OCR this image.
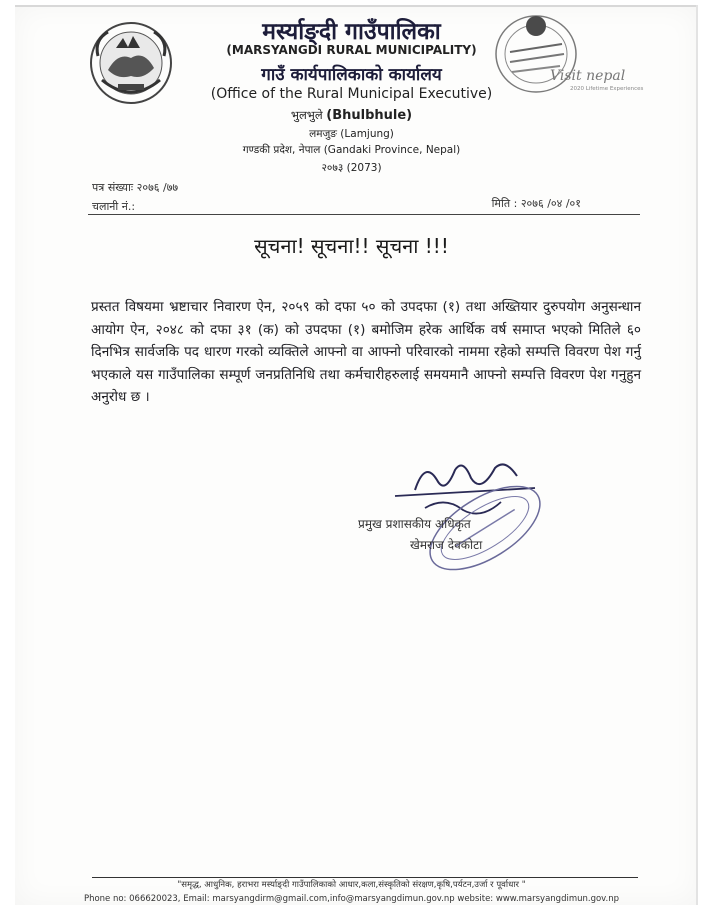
Visit nepal
2020 Lifetime Experiences
मर्स्याङ्दी गाउँपालिका
(MARSYANGDI RURAL MUNICIPALITY)
गाउँ कार्यपालिकाको कार्यालय
(Office of the Rural Municipal Executive)
भुलभुले (Bhulbhule)
लमजुङ (Lamjung)
गण्डकी प्रदेश, नेपाल (Gandaki Province, Nepal)
२०७३ (2073)
पत्र संख्याः २०७६ /७७
चलानी नं.:	मिति : २०७६ /०४ /०१
सूचना! सूचना!! सूचना !!!
प्रस्तत विषयमा भ्रष्टाचार निवारण ऐन, २०५९ को दफा ५० को उपदफा (१) तथा अख्तियार दुरुपयोग अनुसन्धान आयोग ऐन, २०४८ को दफा ३१ (क) को उपदफा (१) बमोजिम हरेक आर्थिक वर्ष समाप्त भएको मितिले ६० दिनभित्र सार्वजकि पद धारण गरको व्यक्तिले आफ्नो वा आफ्नो परिवारको नाममा रहेको सम्पत्ति विवरण पेश गर्नु भएकाले यस गाउँपालिका सम्पूर्ण जनप्रतिनिधि तथा कर्मचारीहरुलाई समयमानै आफ्नो सम्पत्ति विवरण पेश गनुहुन अनुरोध छ ।
प्रमुख प्रशासकीय अधिकृत
खेमराज देवकोटा
"समृद्ध, आधुनिक, हराभरा मर्स्याङ्दी गाउँपालिकाको आधार,कला,संस्कृतिको संरक्षण,कृषि,पर्यटन,उर्जा र पूर्वाधार "
Phone no: 066620023, Email: marsyangdirm@gmail.com,info@marsyangdimun.gov.np website: www.marsyangdimun.gov.np
